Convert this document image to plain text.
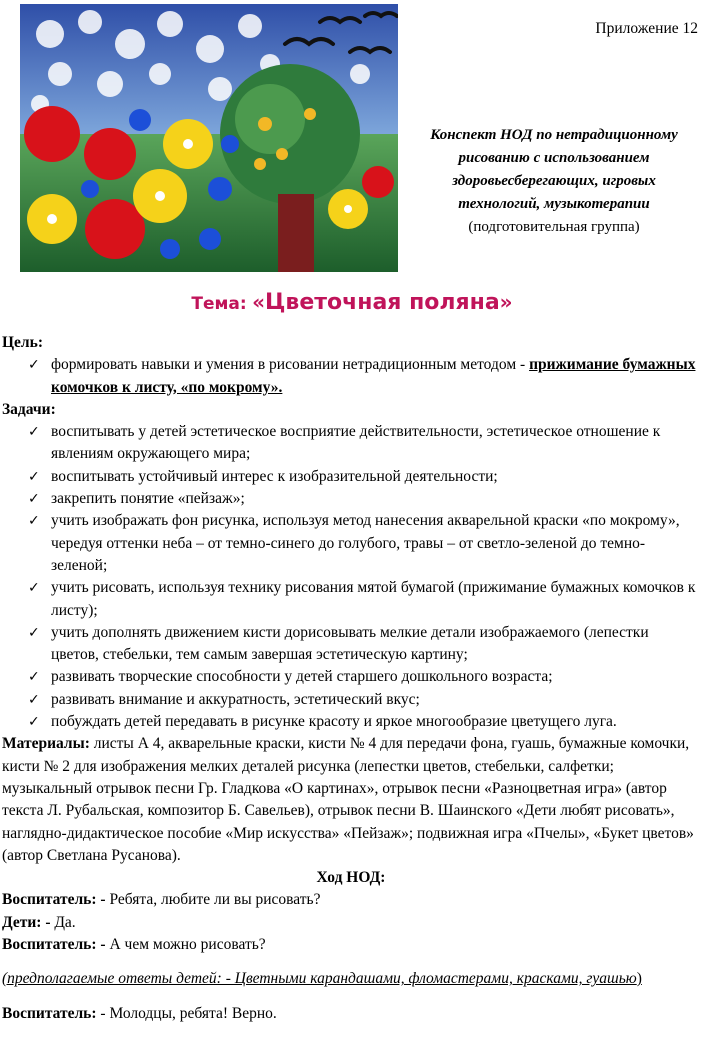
Приложение 12
Конспект НОД по нетрадиционному
рисованию с использованием
здоровьесберегающих, игровых
технологий, музыкотерапии
(подготовительная группа)
Тема: «Цветочная поляна»
Цель:
✓ формировать навыки и умения в рисовании нетрадиционным методом - прижимание бумажных комочков к листу, «по мокрому».
Задачи:
✓ воспитывать у детей эстетическое восприятие действительности, эстетическое отношение к явлениям окружающего мира;
✓ воспитывать устойчивый интерес к изобразительной деятельности;
✓ закрепить понятие «пейзаж»;
✓ учить изображать фон рисунка, используя метод нанесения акварельной краски «по мокрому», чередуя оттенки неба – от темно-синего до голубого, травы – от светло-зеленой до темно-зеленой;
✓ учить рисовать, используя технику рисования мятой бумагой (прижимание бумажных комочков к листу);
✓ учить дополнять движением кисти дорисовывать мелкие детали изображаемого (лепестки цветов, стебельки, тем самым завершая эстетическую картину;
✓ развивать творческие способности у детей старшего дошкольного возраста;
✓ развивать внимание и аккуратность, эстетический вкус;
✓ побуждать детей передавать в рисунке красоту и яркое многообразие цветущего луга.
Материалы: листы А 4, акварельные краски, кисти № 4 для передачи фона, гуашь, бумажные комочки, кисти № 2 для изображения мелких деталей рисунка (лепестки цветов, стебельки, салфетки; музыкальный отрывок песни Гр. Гладкова «О картинах», отрывок песни «Разноцветная игра» (автор текста Л. Рубальская, композитор Б. Савельев), отрывок песни В. Шаинского «Дети любят рисовать», наглядно-дидактическое пособие «Мир искусства» «Пейзаж»; подвижная игра «Пчелы», «Букет цветов» (автор Светлана Русанова).
Ход НОД:
Воспитатель: - Ребята, любите ли вы рисовать?
Дети: - Да.
Воспитатель: - А чем можно рисовать?
(предполагаемые ответы детей: - Цветными карандашами, фломастерами, красками, гуашью)
Воспитатель: - Молодцы, ребята! Верно.
